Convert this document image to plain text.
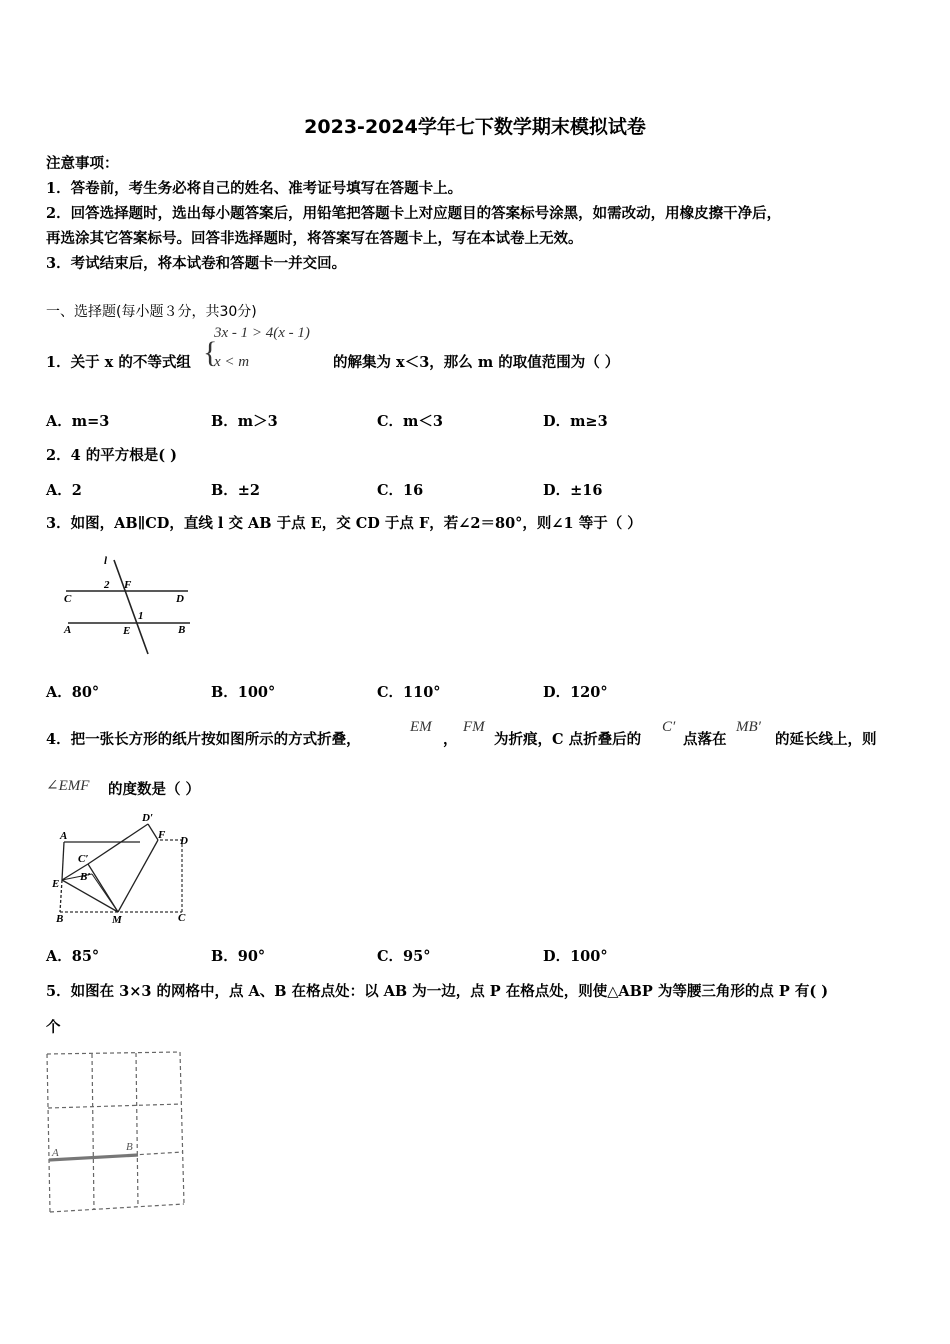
2023-2024学年七下数学期末模拟试卷
注意事项：
1．答卷前，考生务必将自己的姓名、准考证号填写在答题卡上。
2．回答选择题时，选出每小题答案后，用铅笔把答题卡上对应题目的答案标号涂黑，如需改动，用橡皮擦干净后，
再选涂其它答案标号。回答非选择题时，将答案写在答题卡上，写在本试卷上无效。
3．考试结束后，将本试卷和答题卡一并交回。
一、选择题(每小题３分，共30分)
1．关于 x 的不等式组 {
3x - 1 > 4(x - 1)
x < m	的解集为 x＜3，那么 m 的取值范围为（ ）
A．m=3	B．m＞3	C．m＜3	D．m≥3
2．4 的平方根是( )
A．2	B．±2	C．16	D．±16
3．如图，AB∥CD，直线 l 交 AB 于点 E，交 CD 于点 F，若∠2＝80°，则∠1 等于（ ）
l
2 F
C	D
1
A	E	B
A．80°	B．100°	C．110°	D．120°
4．把一张长方形的纸片按如图所示的方式折叠，
EM
，
FM
为折痕，C 点折叠后的
C′
点落在
MB′
的延长线上，则
∠EMF 的度数是（ ）
A
D′
F D
C′
B′
E
B	M	C
A．85°	B．90°	C．95°	D．100°
5．如图在 3×3 的网格中，点 A、B 在格点处：以 AB 为一边，点 P 在格点处，则使△ABP 为等腰三角形的点 P 有( )
个
A	B
